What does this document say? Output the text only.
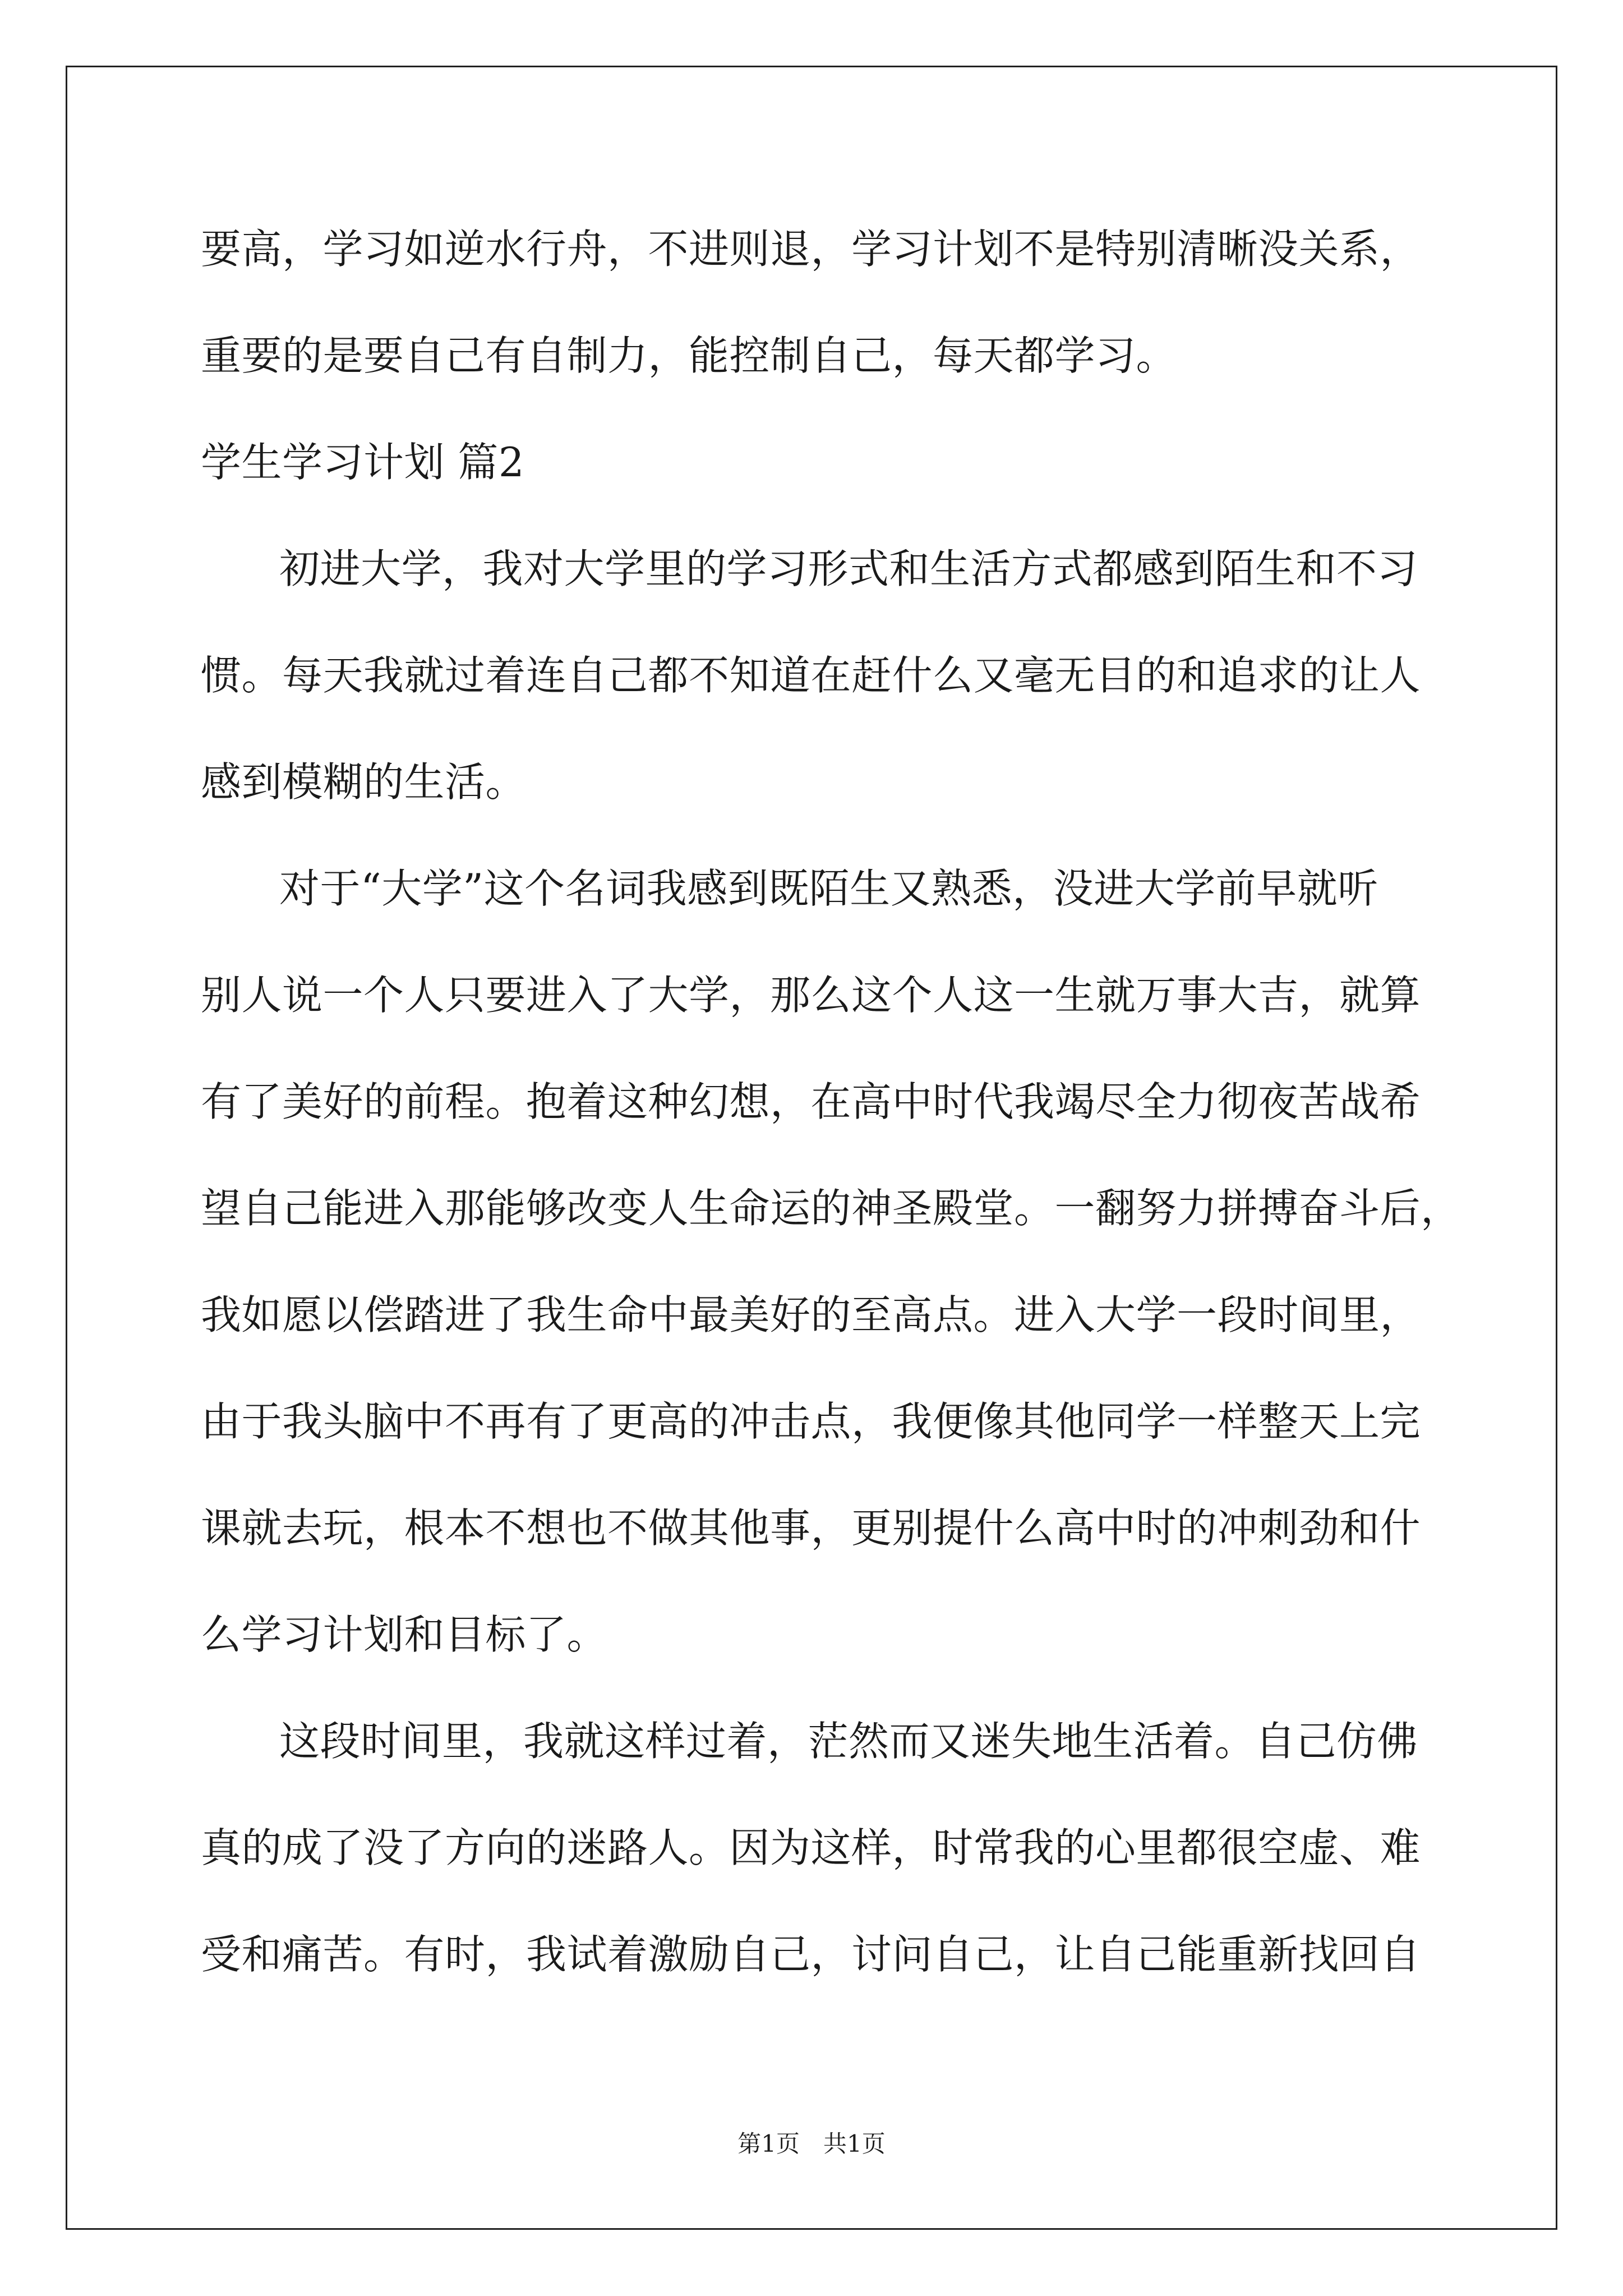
要高，学习如逆水行舟，不进则退，学习计划不是特别清晰没关系，
重要的是要自己有自制力，能控制自己，每天都学习。
学生学习计划 篇2
初进大学，我对大学里的学习形式和生活方式都感到陌生和不习
惯。每天我就过着连自己都不知道在赶什么又毫无目的和追求的让人
感到模糊的生活。
对于“大学”这个名词我感到既陌生又熟悉，没进大学前早就听
别人说一个人只要进入了大学，那么这个人这一生就万事大吉，就算
有了美好的前程。抱着这种幻想，在高中时代我竭尽全力彻夜苦战希
望自己能进入那能够改变人生命运的神圣殿堂。一翻努力拼搏奋斗后，
我如愿以偿踏进了我生命中最美好的至高点。进入大学一段时间里，
由于我头脑中不再有了更高的冲击点，我便像其他同学一样整天上完
课就去玩，根本不想也不做其他事，更别提什么高中时的冲刺劲和什
么学习计划和目标了。
这段时间里，我就这样过着，茫然而又迷失地生活着。自己仿佛
真的成了没了方向的迷路人。因为这样，时常我的心里都很空虚、难
受和痛苦。有时，我试着激励自己，讨问自己，让自己能重新找回自
第1页　共1页
